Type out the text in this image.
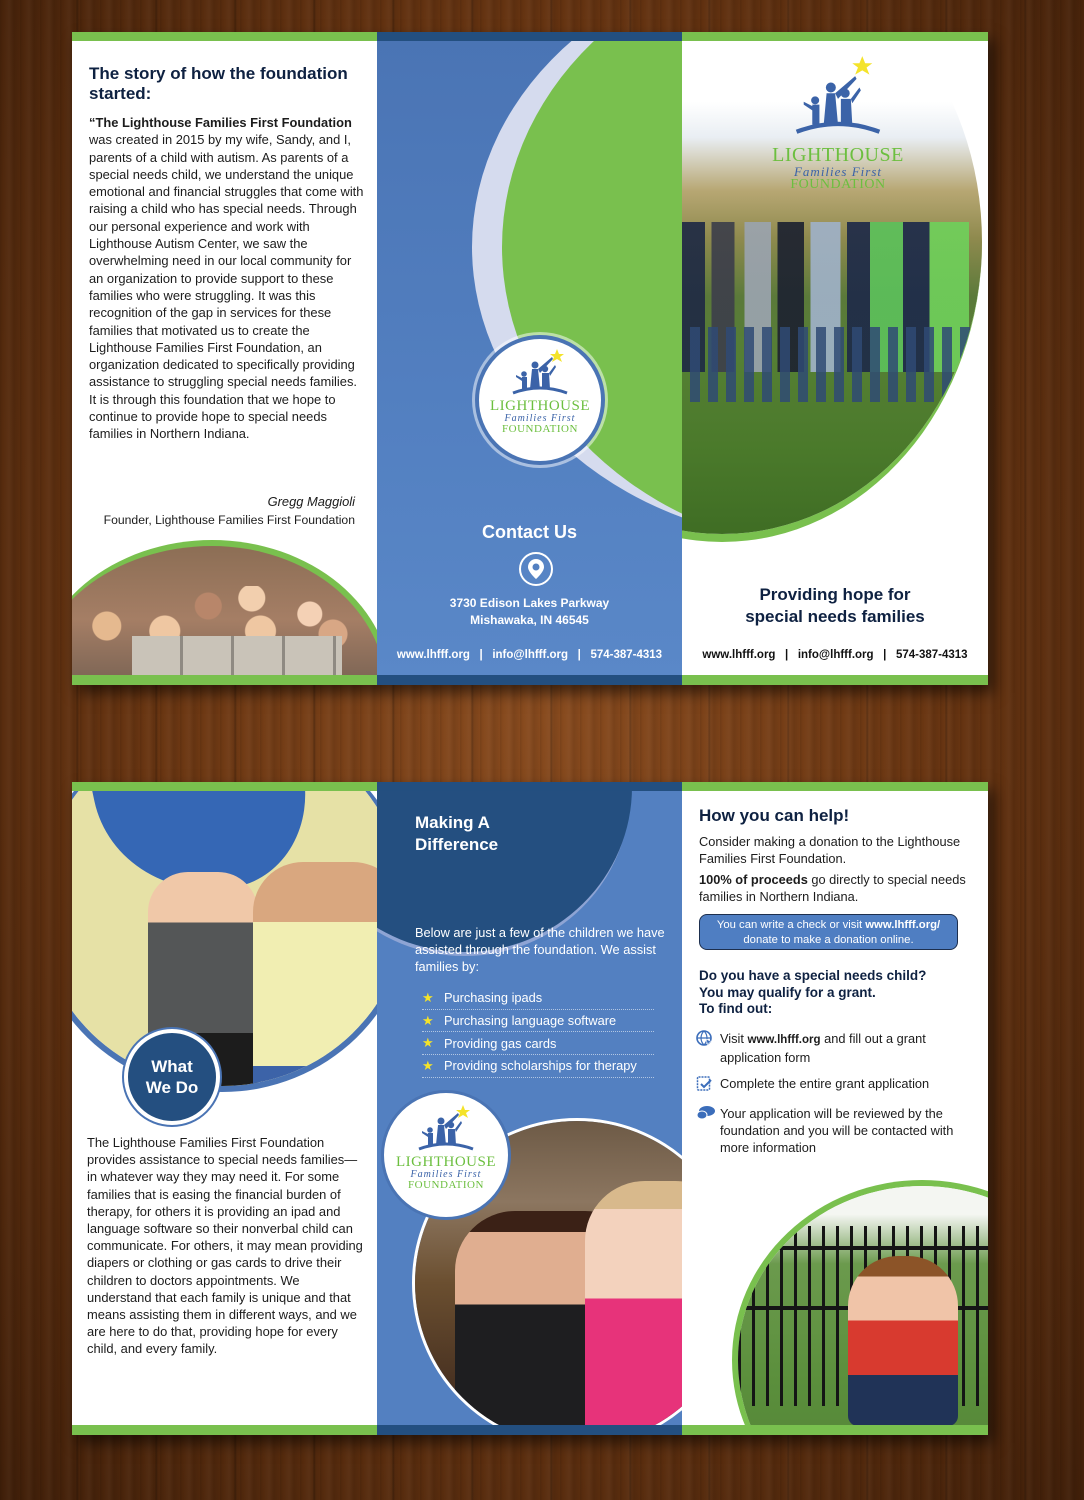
The story of how the foundation started:
“The Lighthouse Families First Foundation was created in 2015 by my wife, Sandy, and I, parents of a child with autism. As parents of a special needs child, we understand the unique emotional and financial struggles that come with raising a child who has special needs. Through our personal experience and work with Lighthouse Autism Center, we saw the overwhelming need in our local community for an organization to provide support to these families who were struggling. It was this recognition of the gap in services for these families that motivated us to create the Lighthouse Families First Foundation, an organization dedicated to specifically providing assistance to struggling special needs families. It is through this foundation that we hope to continue to provide hope to special needs families in Northern Indiana.
Gregg Maggioli
Founder, Lighthouse Families First Foundation
LIGHTHOUSE
Families First
FOUNDATION
Contact Us
3730 Edison Lakes Parkway
Mishawaka, IN 46545
www.lhfff.org   |   info@lhfff.org   |   574-387-4313
LIGHTHOUSE
Families First
FOUNDATION
Providing hope for
special needs families
www.lhfff.org   |   info@lhfff.org   |   574-387-4313
What
We Do

The Lighthouse Families First Foundation provides assistance to special needs families—in whatever way they may need it. For some families that is easing the financial burden of therapy, for others it is providing an ipad and language software so their nonverbal child can communicate. For others, it may mean providing diapers or clothing or gas cards to drive their children to doctors appointments. We understand that each family is unique and that means assisting them in different ways, and we are here to do that, providing hope for every child, and every family.

Making A
Difference

Below are just a few of the children we have assisted through the foundation. We assist families by:

★ Purchasing ipads
★ Purchasing language software
★ Providing gas cards
★ Providing scholarships for therapy
LIGHTHOUSE
Families First
FOUNDATION
How you can help!

Consider making a donation to the Lighthouse Families First Foundation.

100% of proceeds go directly to special needs families in Northern Indiana.

You can write a check or visit www.lhfff.org/ donate to make a donation online.
Do you have a special needs child?
You may qualify for a grant.
To find out:
Visit www.lhfff.org and fill out a grant application form
Complete the entire grant application
Your application will be reviewed by the foundation and you will be contacted with more information
